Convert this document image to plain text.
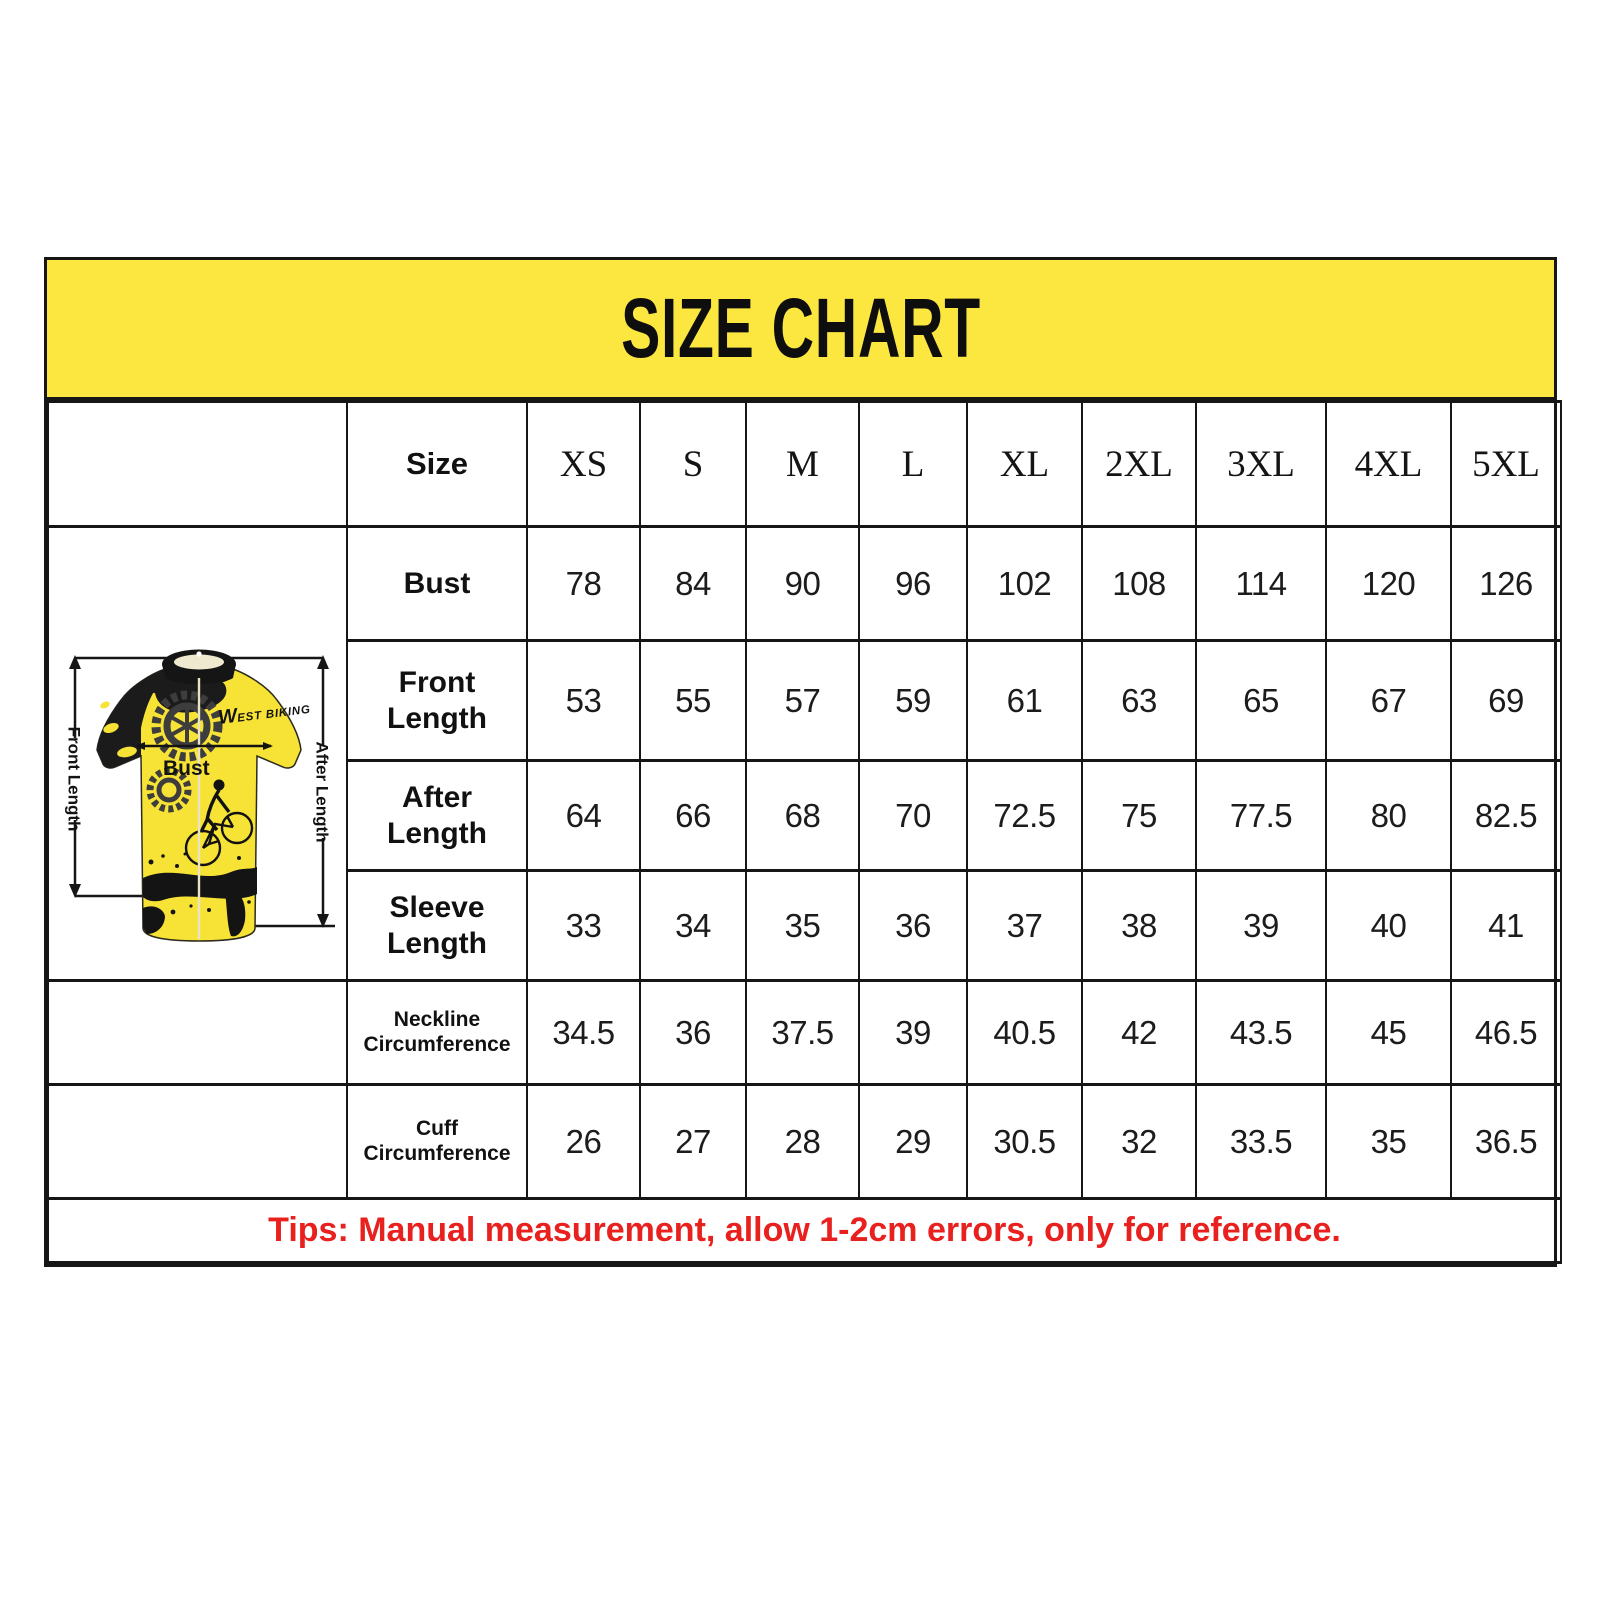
SIZE CHART
	Size	XS	S	M	L	XL	2XL	3XL	4XL	5XL

WEST BIKING
Bust
Front Length After Length	Bust	78	84	90	96	102	108	114	120	126
	Front Length	53	55	57	59	61	63	65	67	69
	After Length	64	66	68	70	72.5	75	77.5	80	82.5
	Sleeve Length	33	34	35	36	37	38	39	40	41
	Neckline Circumference	34.5	36	37.5	39	40.5	42	43.5	45	46.5
	Cuff Circumference	26	27	28	29	30.5	32	33.5	35	36.5
Tips: Manual measurement, allow 1-2cm errors, only for reference.										
